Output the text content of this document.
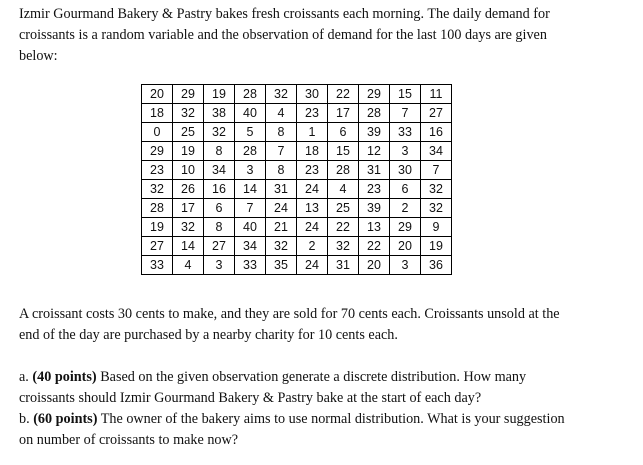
Izmir Gourmand Bakery & Pastry bakes fresh croissants each morning. The daily demand for
croissants is a random variable and the observation of demand for the last 100 days are given
below:
20	29	19	28	32	30	22	29	15	11
18	32	38	40	4	23	17	28	7	27
0	25	32	5	8	1	6	39	33	16
29	19	8	28	7	18	15	12	3	34
23	10	34	3	8	23	28	31	30	7
32	26	16	14	31	24	4	23	6	32
28	17	6	7	24	13	25	39	2	32
19	32	8	40	21	24	22	13	29	9
27	14	27	34	32	2	32	22	20	19
33	4	3	33	35	24	31	20	3	36
A croissant costs 30 cents to make, and they are sold for 70 cents each. Croissants unsold at the
end of the day are purchased by a nearby charity for 10 cents each.
a. (40 points) Based on the given observation generate a discrete distribution. How many
croissants should Izmir Gourmand Bakery & Pastry bake at the start of each day?
b. (60 points) The owner of the bakery aims to use normal distribution. What is your suggestion
on number of croissants to make now?
